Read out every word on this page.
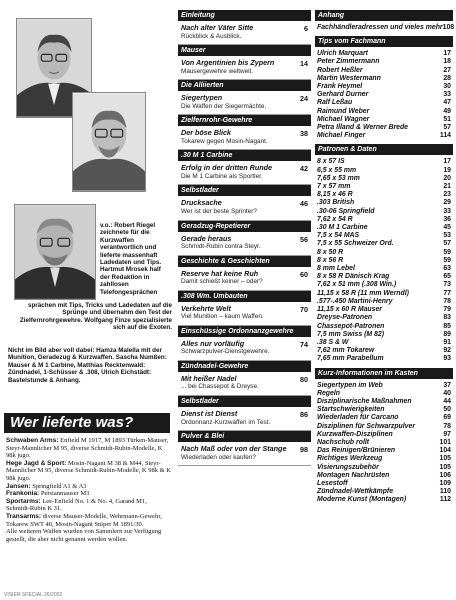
v.o.: Robert Riegel zeichnete für die Kurzwaffen verantwortlich und lieferte massenhaft Ladedaten und Tips. Hartmut Mrosek half der Redaktion in zahllosen Telefongesprächen
sprächen mit Tips, Tricks und Ladedaten auf die Sprünge und übernahm den Test der Zielfernrohrgewehre. Wolfgang Finze spezialisierte sich auf die Exoten.
Nicht im Bild aber voll dabei: Hamza Malella mit der Munition, Geradezug & Kurzwaffen. Sascha Numßen: Mauser & M 1 Carbine, Matthias Recktenwald: Zündnadel, 1-Schüsser & .308, Ulrich Eichstädt: Bastelstunde & Anhang.
Wer lieferte was?

Schwaben Arms: Enfield M 1917, M 1893 Türken-Mauser, Steyr-Mannlicher M 95, diverse Schmidt-Rubin-Modelle, K 98k jugo.

Hege Jagd & Sport: Mosin-Nagant M 38 & M44, Steyr-Mannlicher M 95, diverse Schmidt-Rubin-Modelle, K 98k & K 98k jugo.

Jansen: Springfield A1 & A3

Frankonia: Persianmauser M3

Sportarms: Lee-Enfield No. 1 & No. 4, Garand M1, Schmidt-Rubin K 31.

Transarms: diverse Mauser-Modelle, Wehrmann-Gewehr, Tokarew SWT 40, Mosin-Nagant Sniper M 1891/30.

Alle weiteren Waffen wurden von Sammlern zur Verfügung gestellt, die aber nicht genannt werden wollen.

VISIER SPECIAL 26/2002
Einleitung
Nach alter Väter Sitte
Rückblick & Ausblick.
6
Mauser
Von Argentinien bis Zypern
Mausergewehre weltweit.
14
Die Alliierten
Siegertypen
Die Waffen der Siegermächte.
24
Zielfernrohr-Gewehre
Der böse Blick
Tokarew gegen Mosin-Nagant.
38
.30 M 1 Carbine
Erfolg in der dritten Runde
Die M 1 Carbine als Sportler.
42
Selbstlader
Drucksache
Wer ist der beste Sprinter?
46
Geradzug-Repetierer
Gerade heraus
Schmidt-Rubin contra Steyr.
56
Geschichte & Geschichten
Reserve hat keine Ruh
Damit schießt keiner – oder?
60
.308 Wm. Umbauten
Verkehrte Welt
Viel Munition – kaum Waffen.
70
Einschüssige Ordonnanzgewehre
Alles nur vorläufig
Schwarzpulver-Dienstgewehre.
74
Zündnadel-Gewehre
Mit heißer Nadel
... bei Chassepot & Dreyse.
80
Selbstlader
Dienst ist Dienst
Ordonnanz-Kurzwaffen im Test.
86
Pulver & Blei
Nach Maß oder von der Stange
Wiederladen oder kaufen?
98
Anhang
Fachhändleradressen und vieles mehr 108
Tips vom Fachmann
Ulrich Marquart	17
Peter Zimmermann	18
Robert Heßler	27
Martin Westermann	28
Frank Heymel	30
Gerhard Durner	33
Ralf Leßau	47
Raimund Weber	49
Michael Wagner	51
Petra Illand & Werner Brede	57
Michael Finger	114
Patronen & Daten
8 x 57 IS	17
6,5 x 55 mm	19
7,65 x 53 mm	20
7 x 57 mm	21
8,15 x 46 R	23
.303 British	29
.30-06 Springfield	33
7,62 x 54 R	36
.30 M 1 Carbine	45
7,5 x 54 MAS	53
7,5 x 55 Schweizer Ord.	57
8 x 50 R	59
8 x 56 R	59
8 mm Lebel	63
8 x 58 R Dänisch Krag	65
7,62 x 51 mm (.308 Win.)	73
11,15 x 58 R (11 mm Werndl)	77
.577-.450 Martini-Henry	78
11,15 x 60 R Mauser	79
Dreyse-Patronen	83
Chassepot-Patronen	85
7,5 mm Swiss (M 82)	89
.38 S & W	91
7,62 mm Tokarew	92
7,65 mm Parabellum	93
Kurz-Informationen im Kasten
Siegertypen im Web	37
Regeln	40
Disziplinarische Maßnahmen	44
Startschwierigkeiten	50
Wiederladen für Carcano	69
Disziplinen für Schwarzpulver	78
Kurzwaffen-Disziplinen	97
Nachschub rollt	101
Das Reinigen/Brünieren	104
Richtiges Werkzeug	105
Visierungszubehör	105
Montagen Nachrüsten	106
Lesestoff	109
Zündnadel-Wettkämpfe	110
Moderne Kunst (Montagen)	112
